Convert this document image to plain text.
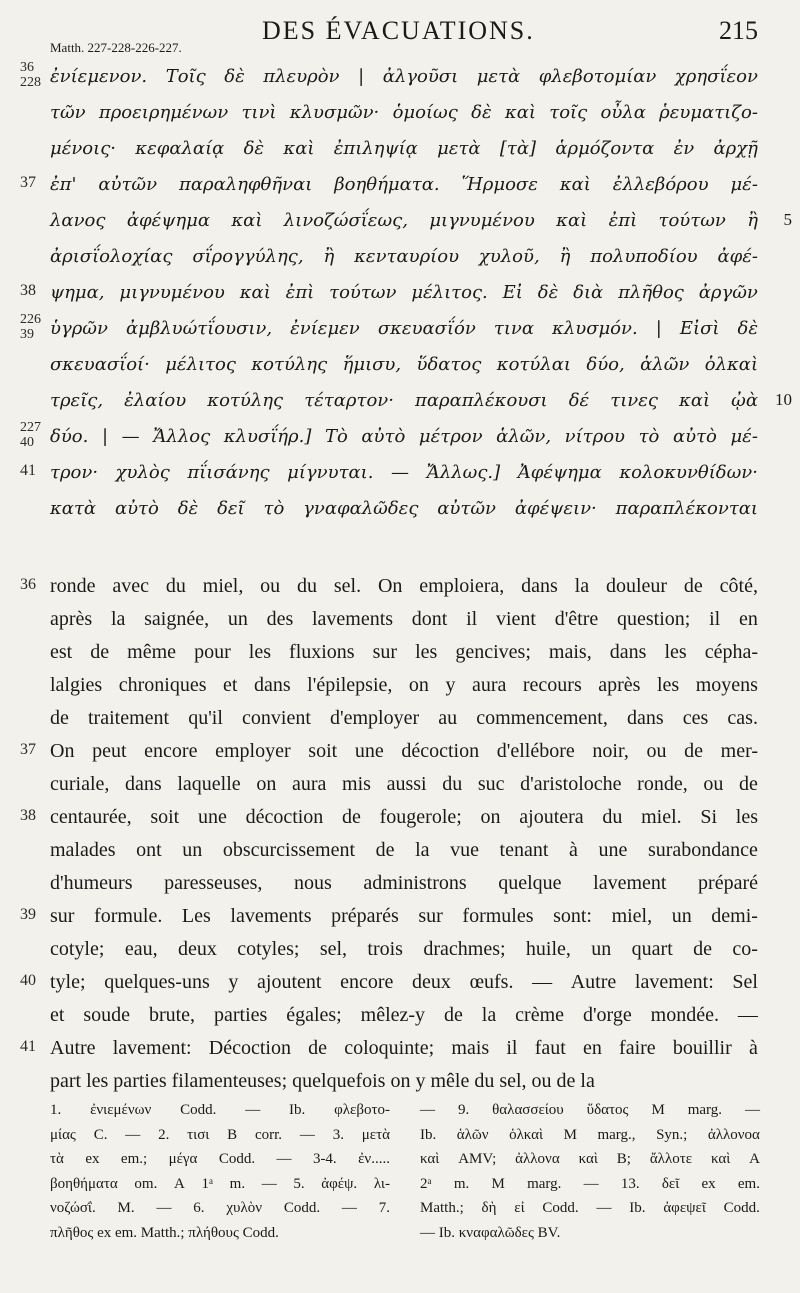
DES ÉVACUATIONS.	215
Matth. 227-228-226-227.
36
228 ἐνίεμενον. Τοῖς δὲ πλευρὸν | ἀλγοῦσι μετὰ φλεβοτομίαν χρησΐεον
τῶν προειρημένων τινὶ κλυσμῶν· ὁμοίως δὲ καὶ τοῖς οὖλα ῥευματιζο-
μένοις· κεφαλαίᾳ δὲ καὶ ἐπιληψίᾳ μετὰ [τὰ] ἁρμόζοντα ἐν ἀρχῇ
37 ἐπ' αὐτῶν παραληφθῆναι βοηθήματα. Ἥρμοσε καὶ ἐλλεβόρου μέ-
λανος ἀφέψημα καὶ λινοζώσΐεως, μιγνυμένου καὶ ἐπὶ τούτων ἢ 5
ἀρισΐολοχίας σΐρογγύλης, ἢ κενταυρίου χυλοῦ, ἢ πολυποδίου ἀφέ-
38 ψημα, μιγνυμένου καὶ ἐπὶ τούτων μέλιτος. Εἰ δὲ διὰ πλῆθος ἀργῶν
226
39 ὑγρῶν ἀμβλυώτΐουσιν, ἐνίεμεν σκευασΐόν τινα κλυσμόν. | Εἰσὶ δὲ
σκευασΐοί· μέλιτος κοτύλης ἥμισυ, ὕδατος κοτύλαι δύο, ἁλῶν ὁλκαὶ
τρεῖς, ἐλαίου κοτύλης τέταρτον· παραπλέκουσι δέ τινες καὶ ᾠὰ 10
227
40 δύο. | — Ἄλλος κλυσΐήρ.] Τὸ αὐτὸ μέτρον ἁλῶν, νίτρου τὸ αὐτὸ μέ-
41 τρον· χυλὸς πΐισάνης μίγνυται. — Ἄλλως.] Ἀφέψημα κολοκυνθίδων·
κατὰ αὐτὸ δὲ δεῖ τὸ γναφαλῶδες αὐτῶν ἀφέψειν· παραπλέκονται
36 ronde avec du miel, ou du sel. On emploiera, dans la douleur de côté,
après la saignée, un des lavements dont il vient d'être question; il en
est de même pour les fluxions sur les gencives; mais, dans les cépha-
lalgies chroniques et dans l'épilepsie, on y aura recours après les moyens
de traitement qu'il convient d'employer au commencement, dans ces cas.
37 On peut encore employer soit une décoction d'ellébore noir, ou de mer-
curiale, dans laquelle on aura mis aussi du suc d'aristoloche ronde, ou de
38 centaurée, soit une décoction de fougerole; on ajoutera du miel. Si les
malades ont un obscurcissement de la vue tenant à une surabondance
d'humeurs paresseuses, nous administrons quelque lavement préparé
39 sur formule. Les lavements préparés sur formules sont: miel, un demi-
cotyle; eau, deux cotyles; sel, trois drachmes; huile, un quart de co-
40 tyle; quelques-uns y ajoutent encore deux œufs. — Autre lavement: Sel
et soude brute, parties égales; mêlez-y de la crème d'orge mondée. —
41 Autre lavement: Décoction de coloquinte; mais il faut en faire bouillir à
part les parties filamenteuses; quelquefois on y mêle du sel, ou de la
1. ἐνιεμένων Codd. — Ib. φλεβοτο-
μίας C. — 2. τισι B corr. — 3. μετὰ
τὰ ex em.; μέγα Codd. — 3-4. ἐν.....
βοηθήματα om. A 1ᵃ m. — 5. ἀφέψ. λι-
νοζώσΐ. M. — 6. χυλὸν Codd. — 7.
πλῆθος ex em. Matth.; πλήθους Codd.
— 9. θαλασσείου ὕδατος M marg. —
Ib. ἁλῶν ὁλκαὶ M marg., Syn.; ἀλλονοα
καὶ AMV; ἀλλονα καὶ B; ἄλλοτε καὶ A
2ᵃ m. M marg. — 13. δεῖ ex em.
Matth.; δὴ εἰ Codd. — Ib. ἀφεψεῖ Codd.
— Ib. κναφαλῶδες BV.
